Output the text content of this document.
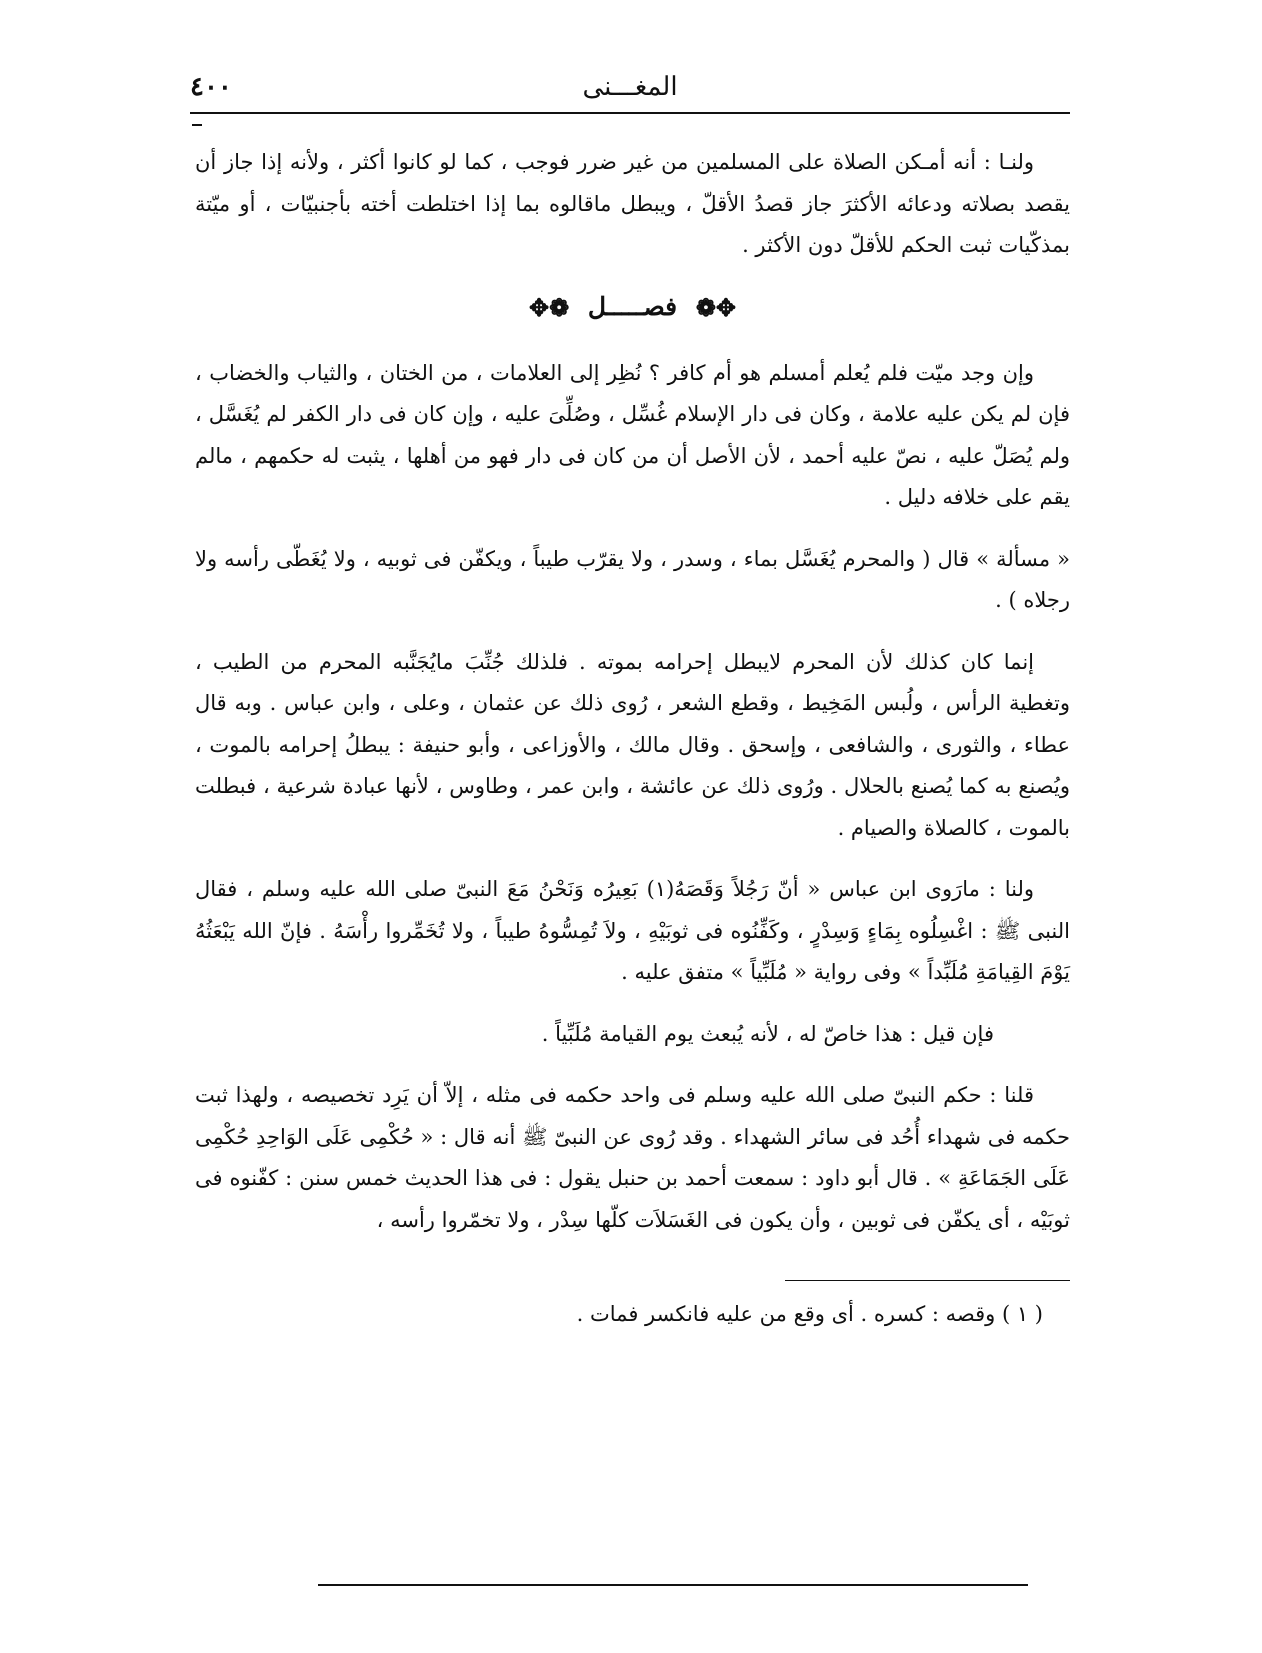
المغـــنى
٤٠٠

ولنـا : أنه أمـكن الصلاة على المسلمين من غير ضرر فوجب ، كما لو كانوا أكثر ، ولأنه إذا جاز أن يقصد بصلاته ودعائه الأكثرَ جاز قصدُ الأقلّ ، ويبطل ماقالوه بما إذا اختلطت أخته بأجنبيّات ، أو ميّتة بمذكّيات ثبت الحكم للأقلّ دون الأكثر .

✥❁ فصـــــل ❁✥

وإن وجد ميّت فلم يُعلم أمسلم هو أم كافر ؟ نُظِر إلى العلامات ، من الختان ، والثياب والخضاب ، فإن لم يكن عليه علامة ، وكان فى دار الإسلام غُسِّل ، وصُلِّىَ عليه ، وإن كان فى دار الكفر لم يُغَسَّل ، ولم يُصَلّ عليه ، نصّ عليه أحمد ، لأن الأصل أن من كان فى دار فهو من أهلها ، يثبت له حكمهم ، مالم يقم على خلافه دليل .

« مسألة » قال ( والمحرم يُغَسَّل بماء ، وسدر ، ولا يقرّب طيباً ، ويكفّن فى ثوبيه ، ولا يُغَطّى رأسه ولا رجلاه ) .

إنما كان كذلك لأن المحرم لايبطل إحرامه بموته . فلذلك جُنِّبَ مايُجَنَّبه المحرم من الطيب ، وتغطية الرأس ، ولُبس المَخِيط ، وقطع الشعر ، رُوى ذلك عن عثمان ، وعلى ، وابن عباس . وبه قال عطاء ، والثورى ، والشافعى ، وإسحق . وقال مالك ، والأوزاعى ، وأبو حنيفة : يبطلُ إحرامه بالموت ، ويُصنع به كما يُصنع بالحلال . ورُوى ذلك عن عائشة ، وابن عمر ، وطاوس ، لأنها عبادة شرعية ، فبطلت بالموت ، كالصلاة والصيام .

ولنا : مارَوى ابن عباس « أنّ رَجُلاً وَقَصَهُ(١) بَعِيرُه وَنَحْنُ مَعَ النبىّ صلى الله عليه وسلم ، فقال النبى ﷺ : اغْسِلُوه بِمَاءٍ وَسِدْرٍ ، وكَفِّنُوه فى ثوبَيْهِ ، ولاَ تُمِسُّوهُ طيباً ، ولا تُخَمِّروا رأْسَهُ . فإنّ الله يَبْعَثُهُ يَوْمَ القِيامَةِ مُلَبِّداً » وفى رواية « مُلَبِّياً » متفق عليه .

فإن قيل : هذا خاصّ له ، لأنه يُبعث يوم القيامة مُلَبِّياً .

قلنا : حكم النبىّ صلى الله عليه وسلم فى واحد حكمه فى مثله ، إلاّ أن يَرِد تخصيصه ، ولهذا ثبت حكمه فى شهداء أُحُد فى سائر الشهداء . وقد رُوى عن النبىّ ﷺ أنه قال : « حُكْمِى عَلَى الوَاحِدِ حُكْمِى عَلَى الجَمَاعَةِ » . قال أبو داود : سمعت أحمد بن حنبل يقول : فى هذا الحديث خمس سنن : كفّنوه فى ثوبَيْه ، أى يكفّن فى ثوبين ، وأن يكون فى الغَسَلاَت كلّها سِدْر ، ولا تخمّروا رأسه ،

( ١ ) وقصه : كسره . أى وقع من عليه فانكسر فمات .
